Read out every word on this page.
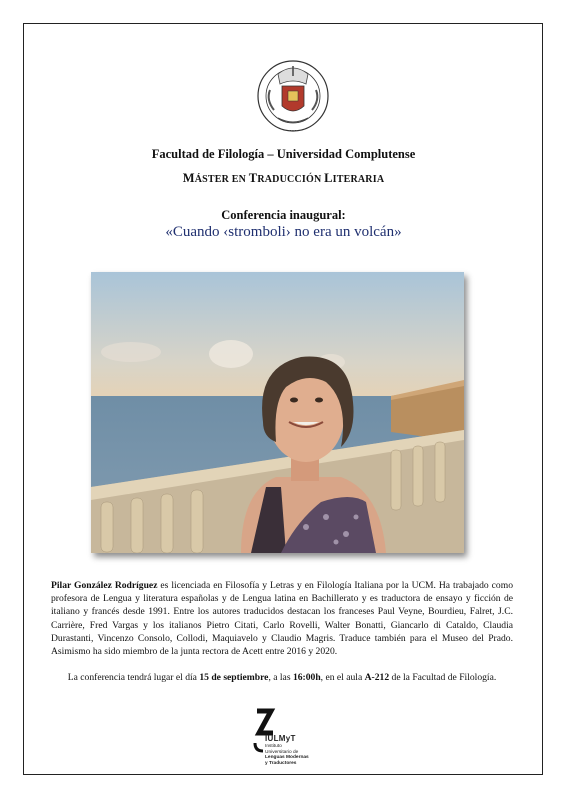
• • •
Facultad de Filología – Universidad Complutense
MÁSTER EN TRADUCCIÓN LITERARIA
Conferencia inaugural:
«Cuando ‹stromboli› no era un volcán»
Pilar González Rodríguez es licenciada en Filosofía y Letras y en Filología Italiana por la UCM. Ha trabajado como profesora de Lengua y literatura españolas y de Lengua latina en Bachillerato y es traductora de ensayo y ficción de italiano y francés desde 1991. Entre los autores traducidos destacan los franceses Paul Veyne, Bourdieu, Falret, J.C. Carrière, Fred Vargas y los italianos Pietro Citati, Carlo Rovelli, Walter Bonatti, Giancarlo di Cataldo, Claudia Durastanti, Vincenzo Consolo, Collodi, Maquiavelo y Claudio Magris. Traduce también para el Museo del Prado. Asimismo ha sido miembro de la junta rectora de Acett entre 2016 y 2020.
La conferencia tendrá lugar el día 15 de septiembre, a las 16:00h, en el aula A-212 de la Facultad de Filología.
IULMyT
Instituto
Universitario de
Lenguas Modernas
y Traductores
